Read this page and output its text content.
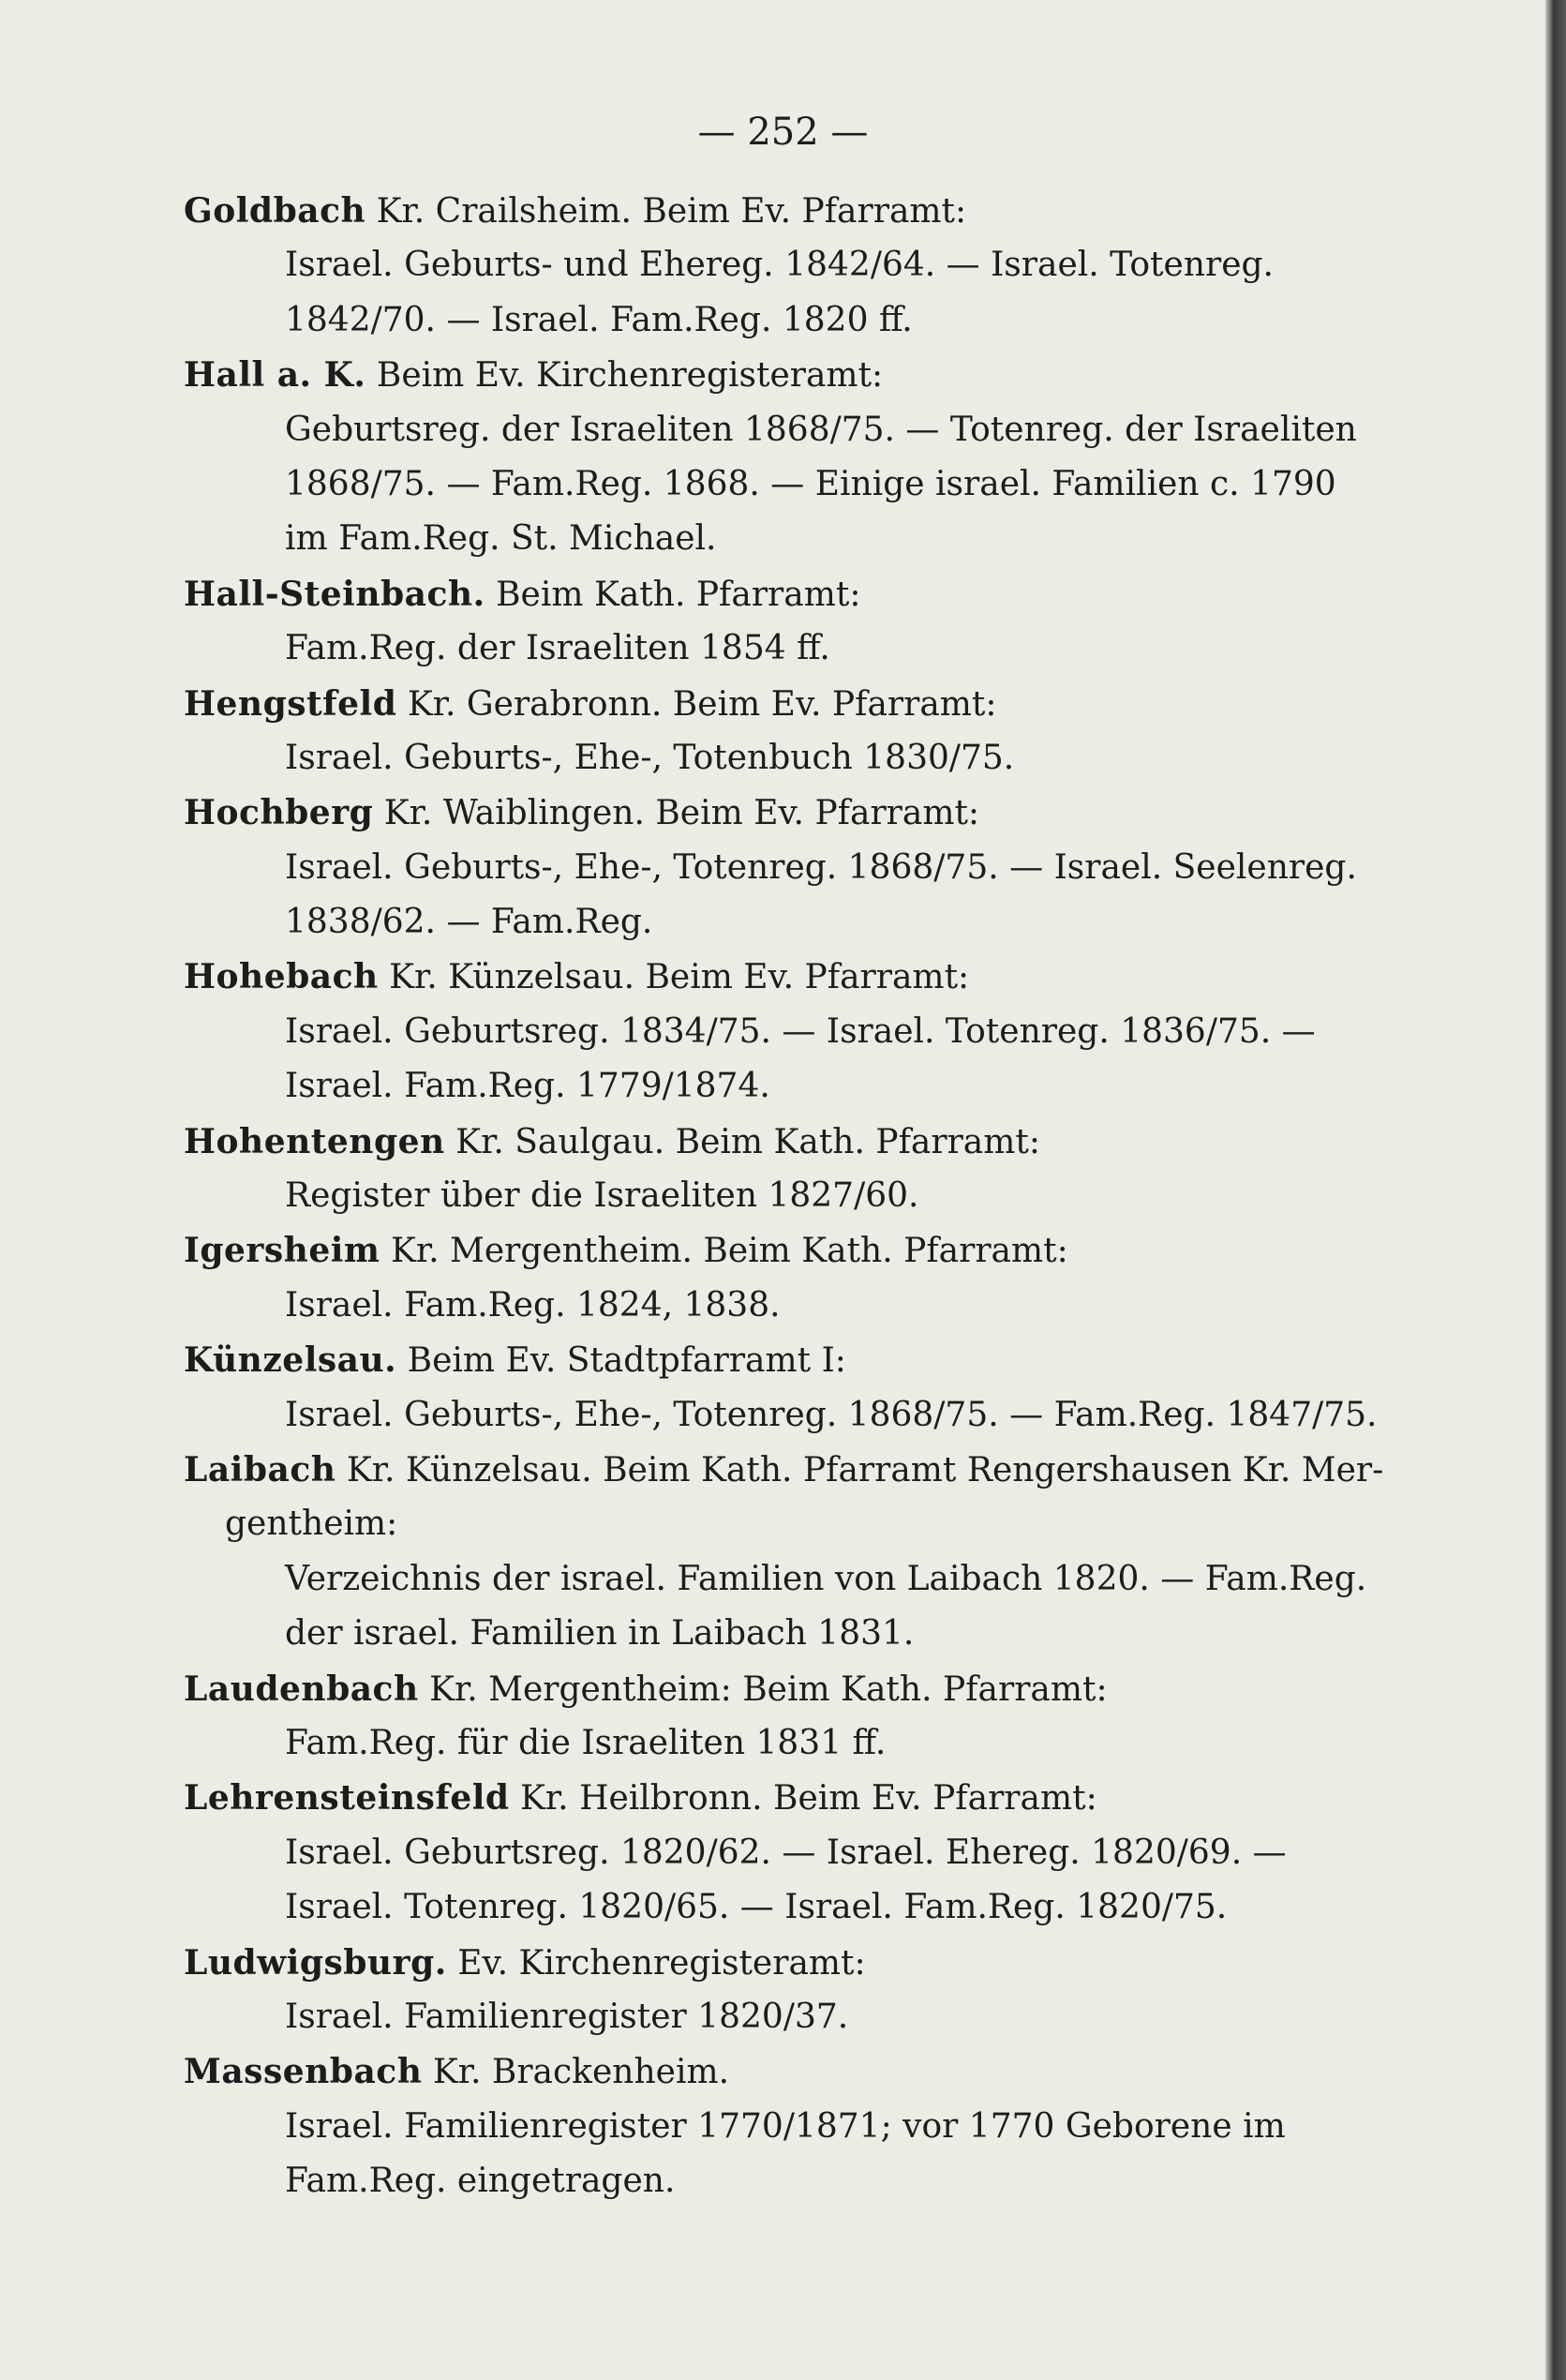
— 252 —
Goldbach Kr. Crailsheim. Beim Ev. Pfarramt:
Israel. Geburts- und Ehereg. 1842/64. — Israel. Totenreg.
1842/70. — Israel. Fam.Reg. 1820 ff.
Hall a. K. Beim Ev. Kirchenregisteramt:
Geburtsreg. der Israeliten 1868/75. — Totenreg. der Israeliten
1868/75. — Fam.Reg. 1868. — Einige israel. Familien c. 1790
im Fam.Reg. St. Michael.
Hall-Steinbach. Beim Kath. Pfarramt:
Fam.Reg. der Israeliten 1854 ff.
Hengstfeld Kr. Gerabronn. Beim Ev. Pfarramt:
Israel. Geburts-, Ehe-, Totenbuch 1830/75.
Hochberg Kr. Waiblingen. Beim Ev. Pfarramt:
Israel. Geburts-, Ehe-, Totenreg. 1868/75. — Israel. Seelenreg.
1838/62. — Fam.Reg.
Hohebach Kr. Künzelsau. Beim Ev. Pfarramt:
Israel. Geburtsreg. 1834/75. — Israel. Totenreg. 1836/75. —
Israel. Fam.Reg. 1779/1874.
Hohentengen Kr. Saulgau. Beim Kath. Pfarramt:
Register über die Israeliten 1827/60.
Igersheim Kr. Mergentheim. Beim Kath. Pfarramt:
Israel. Fam.Reg. 1824, 1838.
Künzelsau. Beim Ev. Stadtpfarramt I:
Israel. Geburts-, Ehe-, Totenreg. 1868/75. — Fam.Reg. 1847/75.
Laibach Kr. Künzelsau. Beim Kath. Pfarramt Rengershausen Kr. Mer-
gentheim:
Verzeichnis der israel. Familien von Laibach 1820. — Fam.Reg.
der israel. Familien in Laibach 1831.
Laudenbach Kr. Mergentheim: Beim Kath. Pfarramt:
Fam.Reg. für die Israeliten 1831 ff.
Lehrensteinsfeld Kr. Heilbronn. Beim Ev. Pfarramt:
Israel. Geburtsreg. 1820/62. — Israel. Ehereg. 1820/69. —
Israel. Totenreg. 1820/65. — Israel. Fam.Reg. 1820/75.
Ludwigsburg. Ev. Kirchenregisteramt:
Israel. Familienregister 1820/37.
Massenbach Kr. Brackenheim.
Israel. Familienregister 1770/1871; vor 1770 Geborene im
Fam.Reg. eingetragen.
